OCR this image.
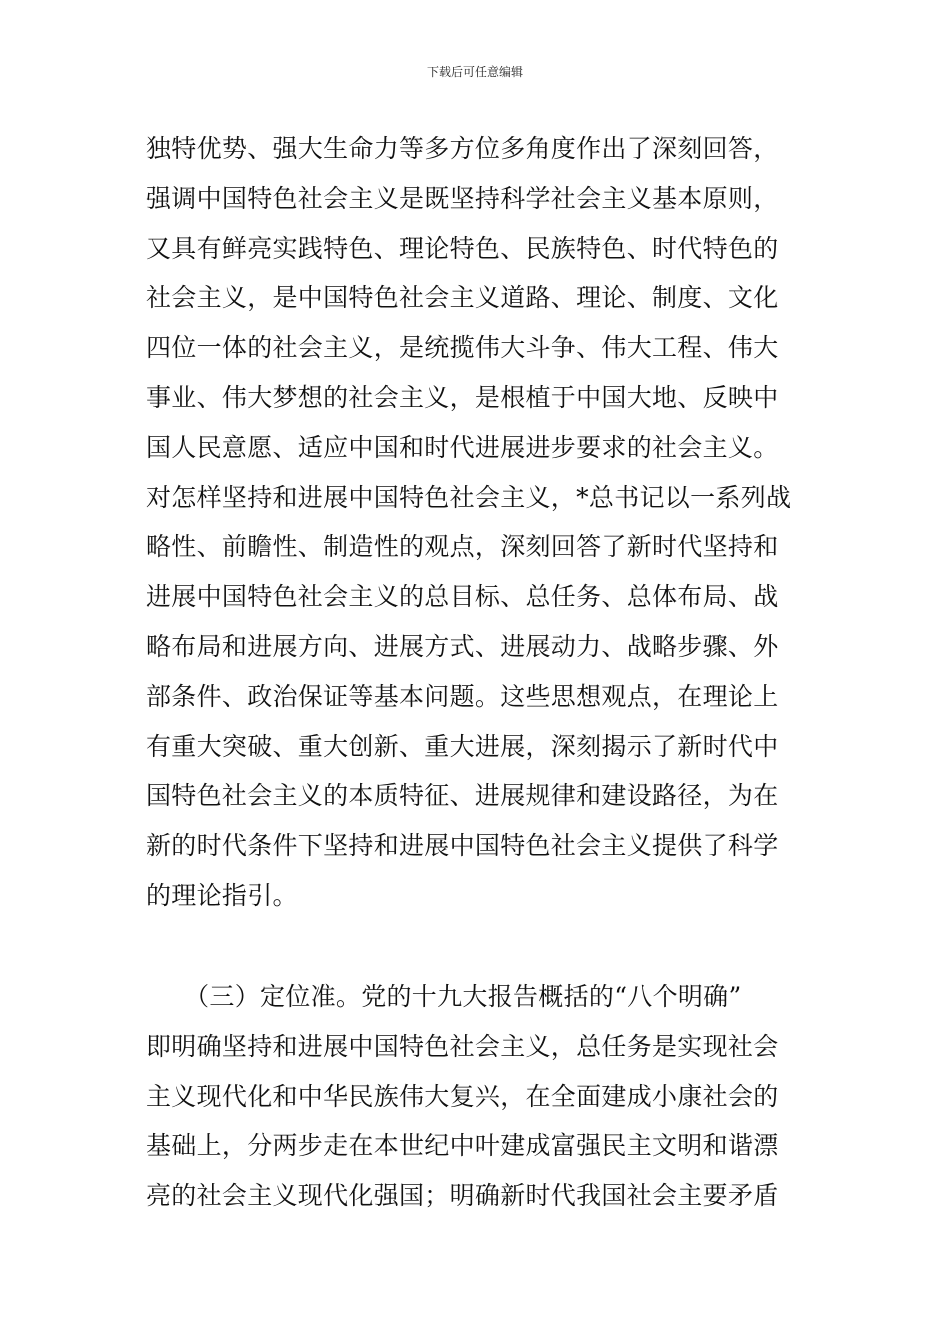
下载后可任意编辑
独特优势、强大生命力等多方位多角度作出了深刻回答，
强调中国特色社会主义是既坚持科学社会主义基本原则，
又具有鲜亮实践特色、理论特色、民族特色、时代特色的
社会主义，是中国特色社会主义道路、理论、制度、文化
四位一体的社会主义，是统揽伟大斗争、伟大工程、伟大
事业、伟大梦想的社会主义，是根植于中国大地、反映中
国人民意愿、适应中国和时代进展进步要求的社会主义。
对怎样坚持和进展中国特色社会主义，*总书记以一系列战
略性、前瞻性、制造性的观点，深刻回答了新时代坚持和
进展中国特色社会主义的总目标、总任务、总体布局、战
略布局和进展方向、进展方式、进展动力、战略步骤、外
部条件、政治保证等基本问题。这些思想观点，在理论上
有重大突破、重大创新、重大进展，深刻揭示了新时代中
国特色社会主义的本质特征、进展规律和建设路径，为在
新的时代条件下坚持和进展中国特色社会主义提供了科学
的理论指引。
　　（三）定位准。党的十九大报告概括的“八个明确”
即明确坚持和进展中国特色社会主义，总任务是实现社会
主义现代化和中华民族伟大复兴，在全面建成小康社会的
基础上，分两步走在本世纪中叶建成富强民主文明和谐漂
亮的社会主义现代化强国；明确新时代我国社会主要矛盾
